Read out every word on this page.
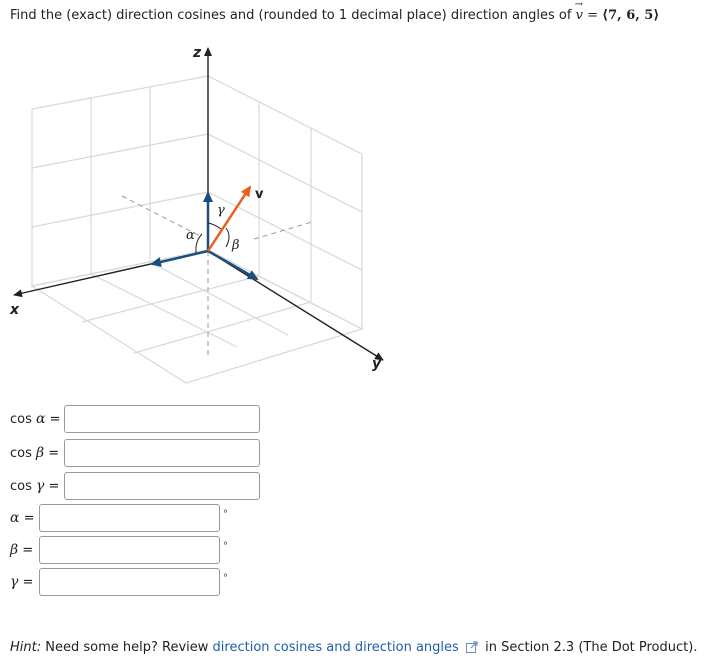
Find the (exact) direction cosines and (rounded to 1 decimal place) direction angles of v
→
= ⟨7, 6, 5⟩
z
x
y
v
α
β
γ
cos α =
cos β =
cos γ =
α =	°
β =	°
γ =	°
Hint: Need some help? Review direction cosines and direction angles in Section 2.3 (The Dot Product).
